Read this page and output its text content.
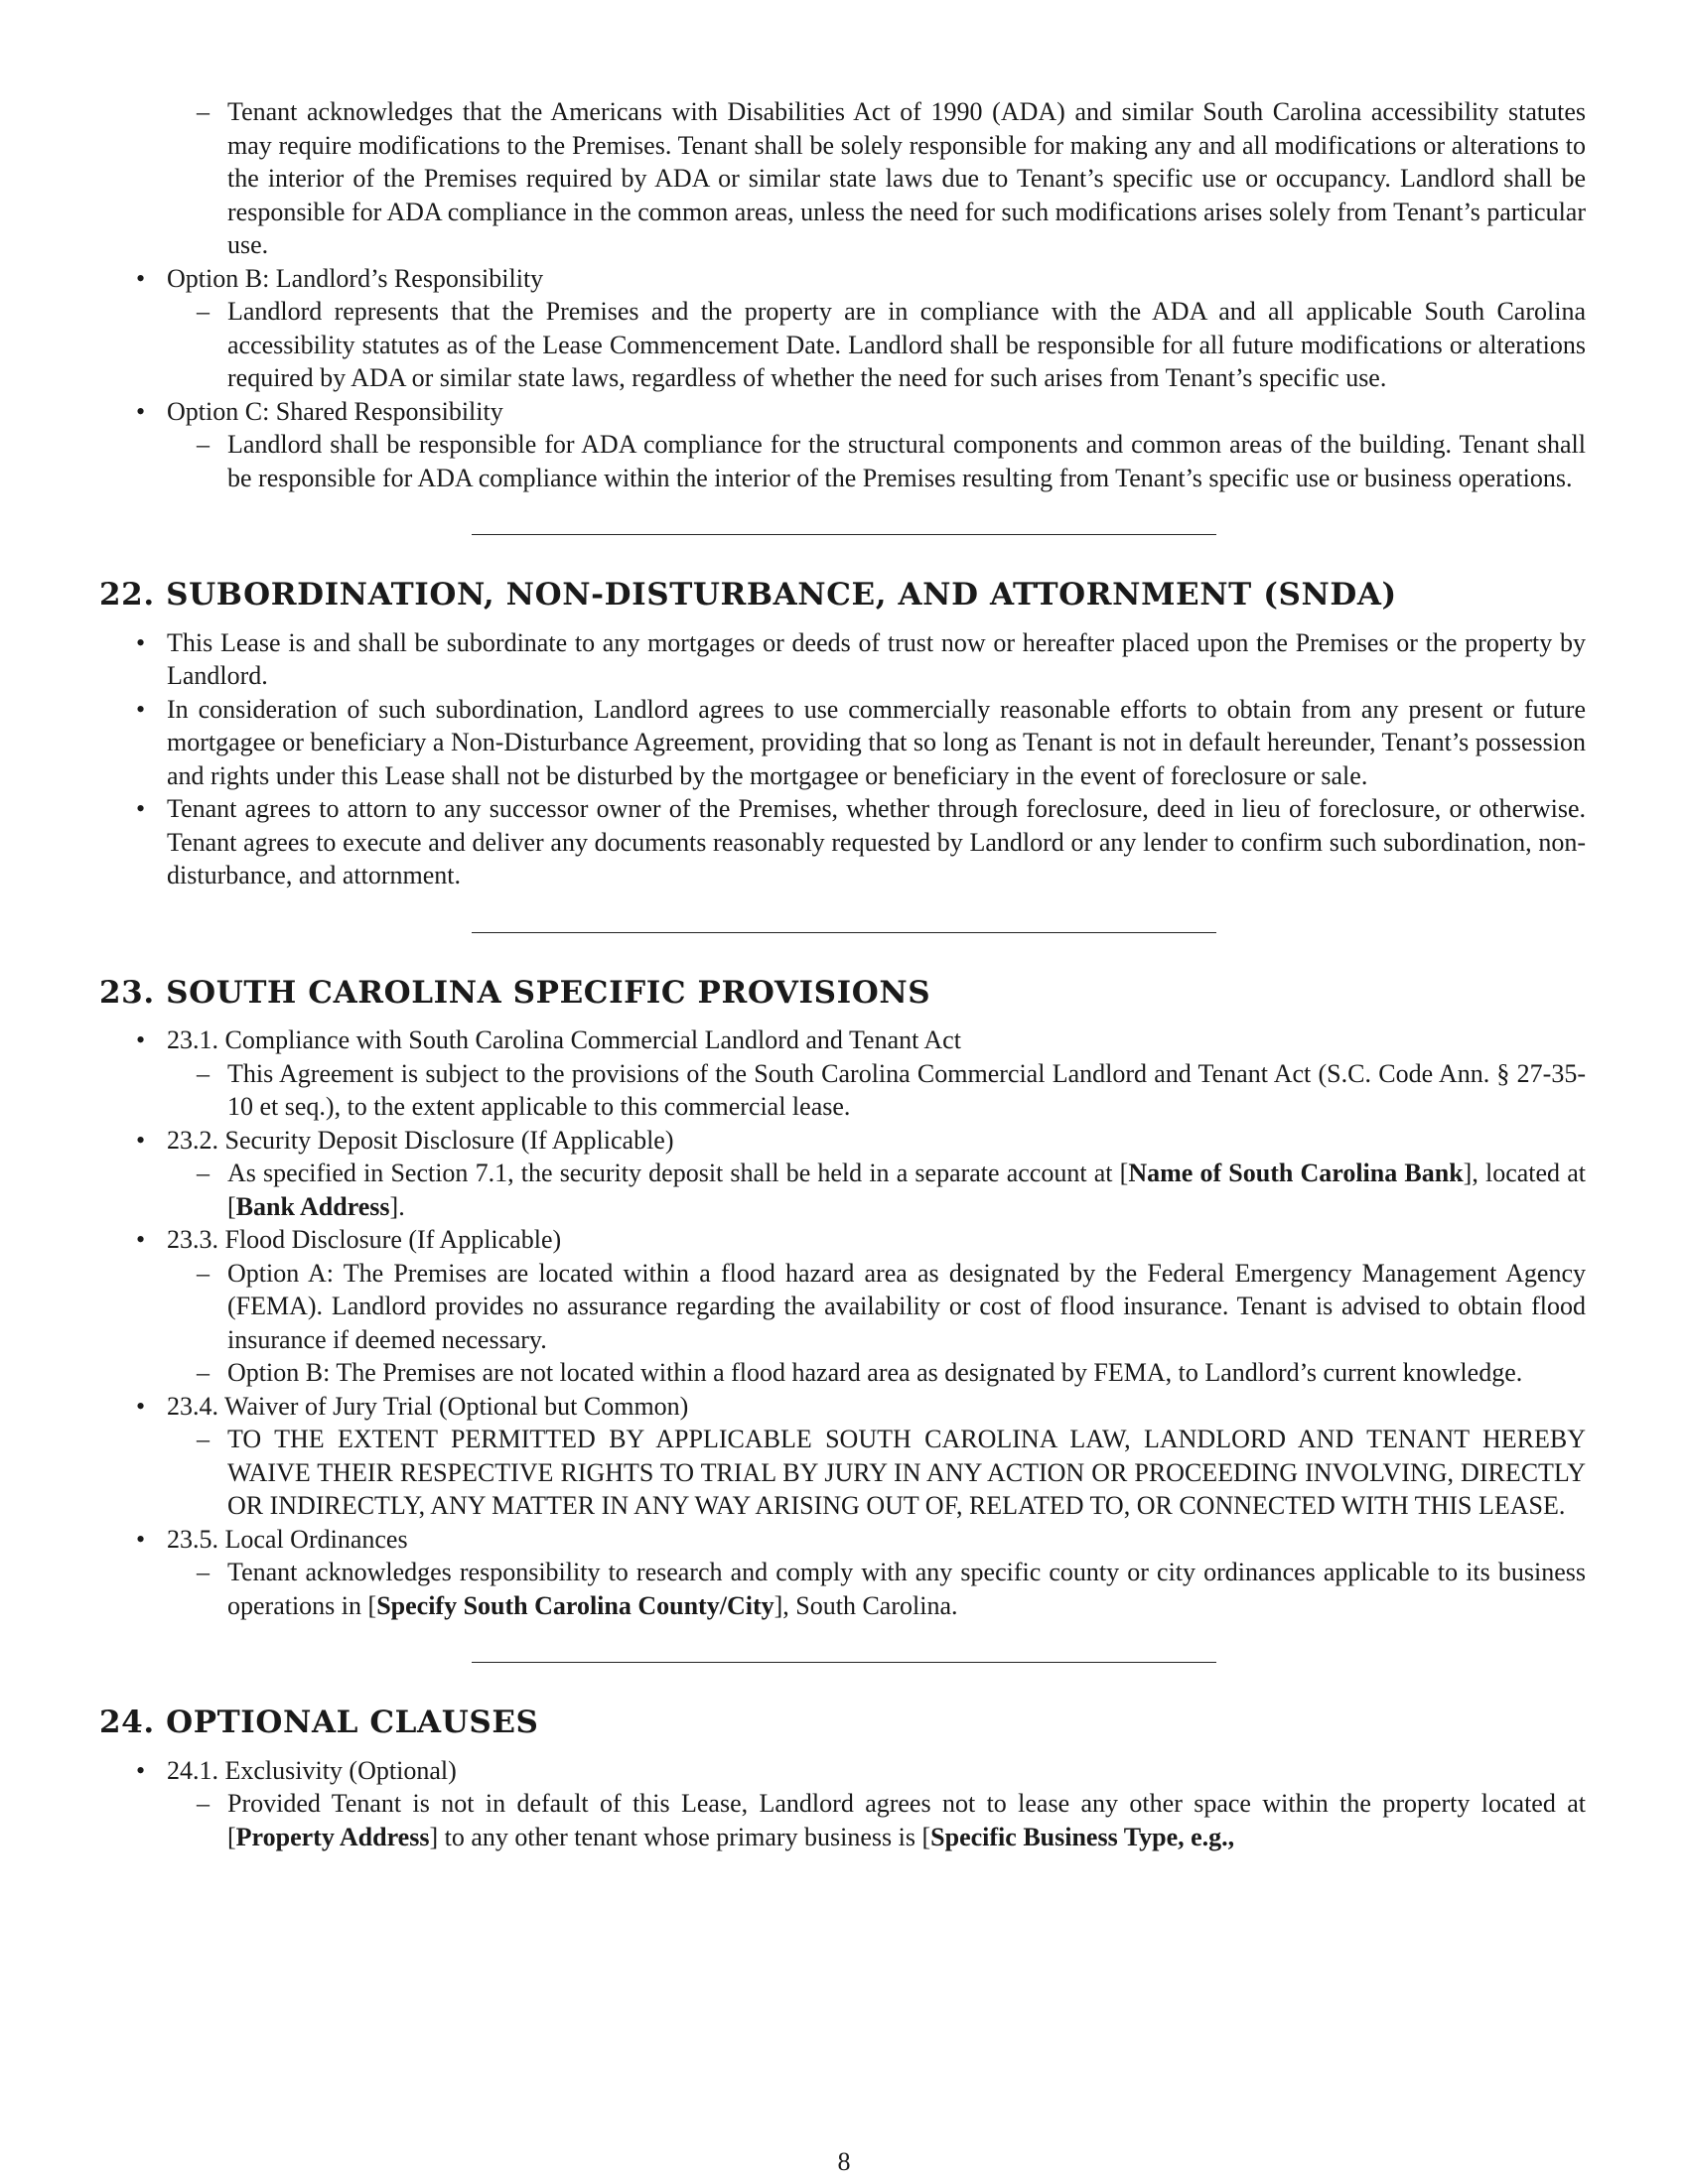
– Tenant acknowledges that the Americans with Disabilities Act of 1990 (ADA) and similar South Carolina accessibility statutes may require modifications to the Premises. Tenant shall be solely responsible for making any and all modifications or alterations to the interior of the Premises required by ADA or similar state laws due to Tenant’s specific use or occupancy. Landlord shall be responsible for ADA compliance in the common areas, unless the need for such modifications arises solely from Tenant’s particular use.
• Option B: Landlord’s Responsibility
– Landlord represents that the Premises and the property are in compliance with the ADA and all applicable South Carolina accessibility statutes as of the Lease Commencement Date. Landlord shall be responsible for all future modifications or alterations required by ADA or similar state laws, regardless of whether the need for such arises from Tenant’s specific use.
• Option C: Shared Responsibility
– Landlord shall be responsible for ADA compliance for the structural components and common areas of the building. Tenant shall be responsible for ADA compliance within the interior of the Premises resulting from Tenant’s specific use or business operations.
22. SUBORDINATION, NON-DISTURBANCE, AND ATTORNMENT (SNDA)
• This Lease is and shall be subordinate to any mortgages or deeds of trust now or hereafter placed upon the Premises or the property by Landlord.
• In consideration of such subordination, Landlord agrees to use commercially reasonable efforts to obtain from any present or future mortgagee or beneficiary a Non-Disturbance Agreement, providing that so long as Tenant is not in default hereunder, Tenant’s possession and rights under this Lease shall not be disturbed by the mortgagee or beneficiary in the event of foreclosure or sale.
• Tenant agrees to attorn to any successor owner of the Premises, whether through foreclosure, deed in lieu of foreclosure, or otherwise. Tenant agrees to execute and deliver any documents reasonably requested by Landlord or any lender to confirm such subordination, non-disturbance, and attornment.
23. SOUTH CAROLINA SPECIFIC PROVISIONS
• 23.1. Compliance with South Carolina Commercial Landlord and Tenant Act
– This Agreement is subject to the provisions of the South Carolina Commercial Landlord and Tenant Act (S.C. Code Ann. § 27-35-10 et seq.), to the extent applicable to this commercial lease.
• 23.2. Security Deposit Disclosure (If Applicable)
– As specified in Section 7.1, the security deposit shall be held in a separate account at [Name of South Carolina Bank], located at [Bank Address].
• 23.3. Flood Disclosure (If Applicable)
– Option A: The Premises are located within a flood hazard area as designated by the Federal Emergency Management Agency (FEMA). Landlord provides no assurance regarding the availability or cost of flood insurance. Tenant is advised to obtain flood insurance if deemed necessary.
– Option B: The Premises are not located within a flood hazard area as designated by FEMA, to Landlord’s current knowledge.
• 23.4. Waiver of Jury Trial (Optional but Common)
– TO THE EXTENT PERMITTED BY APPLICABLE SOUTH CAROLINA LAW, LANDLORD AND TENANT HEREBY WAIVE THEIR RESPECTIVE RIGHTS TO TRIAL BY JURY IN ANY ACTION OR PROCEEDING INVOLVING, DIRECTLY OR INDIRECTLY, ANY MATTER IN ANY WAY ARISING OUT OF, RELATED TO, OR CONNECTED WITH THIS LEASE.
• 23.5. Local Ordinances
– Tenant acknowledges responsibility to research and comply with any specific county or city ordinances applicable to its business operations in [Specify South Carolina County/City], South Carolina.
24. OPTIONAL CLAUSES
• 24.1. Exclusivity (Optional)
– Provided Tenant is not in default of this Lease, Landlord agrees not to lease any other space within the property located at [Property Address] to any other tenant whose primary business is [Specific Business Type, e.g.,
8
